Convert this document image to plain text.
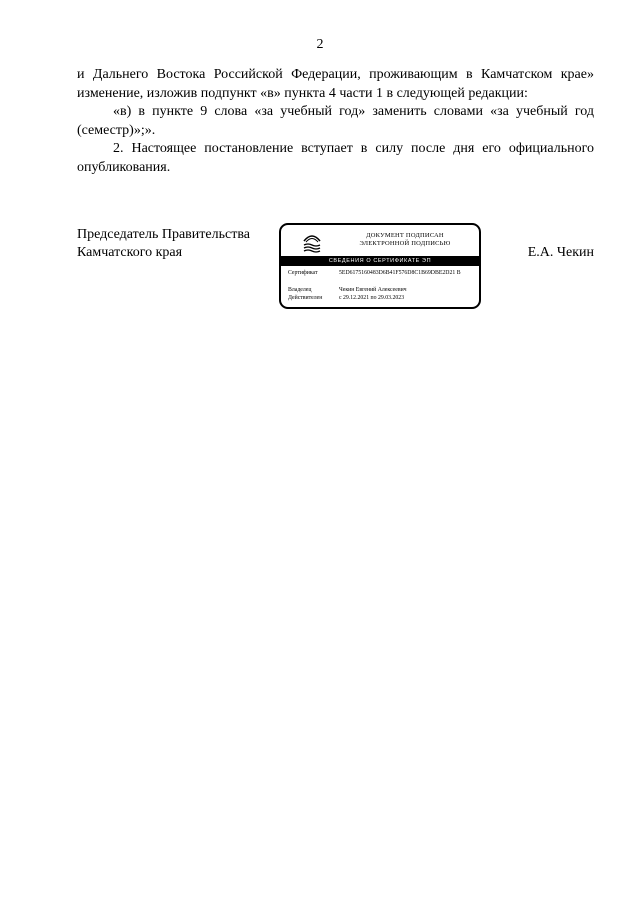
2

и Дальнего Востока Российской Федерации, проживающим в Камчатском крае»

изменение, изложив подпункт «в» пункта 4 части 1 в следующей редакции:

«в) в пункте 9 слова «за учебный год» заменить словами «за учебный год (семестр)»;».

2. Настоящее постановление вступает в силу после дня его официального опубликования.

Председатель Правительства
Камчатского края	Е.А. Чекин
ДОКУМЕНТ ПОДПИСАН
ЭЛЕКТРОННОЙ ПОДПИСЬЮ
СВЕДЕНИЯ О СЕРТИФИКАТЕ ЭП
Сертификат	5ED6175160483D6B41F576D8C1B69DBE2D21 B
Владелец	Чекин Евгений Алексеевич
Действителен	с 29.12.2021 по 29.03.2023
